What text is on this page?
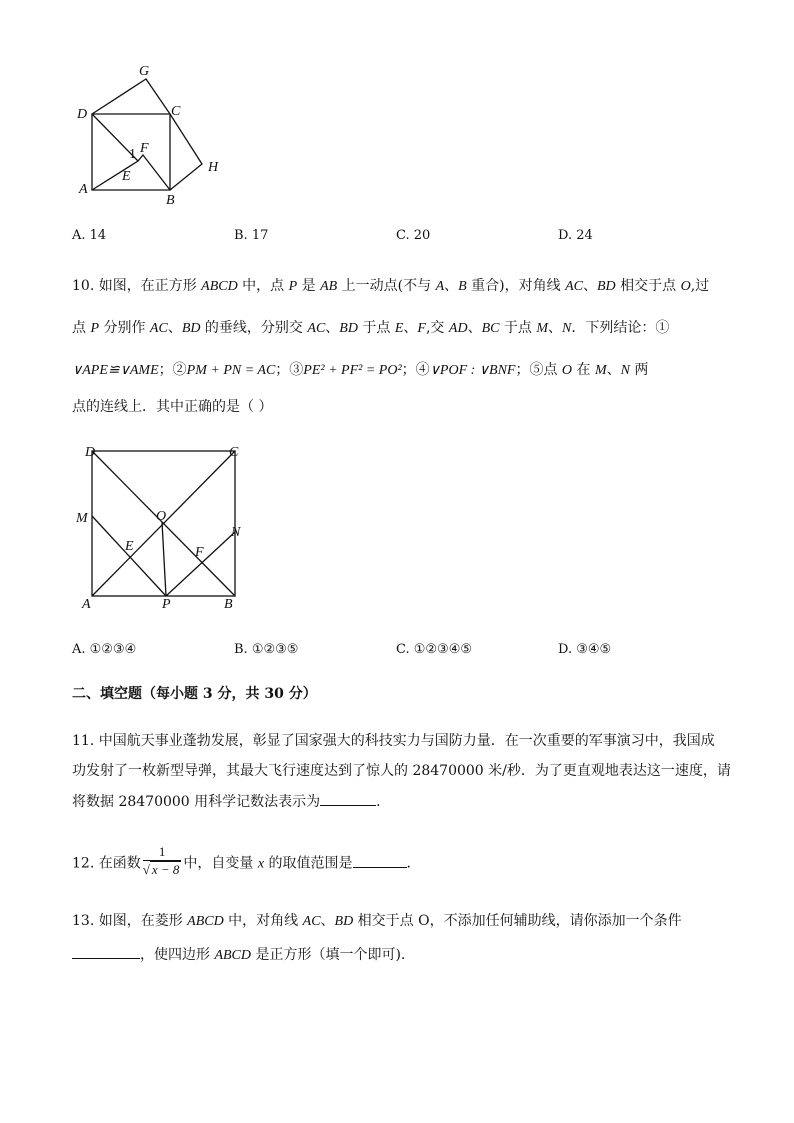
G
D	C
F
1
E
H
A
B
A. 14	B. 17	C. 20	D. 24
10. 如图，在正方形 ABCD 中，点 P 是 AB 上一动点(不与 A、B 重合)，对角线 AC、BD 相交于点 O,过
点 P 分别作 AC、BD 的垂线，分别交 AC、BD 于点 E、F,交 AD、BC 于点 M、N．下列结论：①
∨APE≌∨AME；②PM + PN = AC；③PE² + PF² = PO²；④∨POF : ∨BNF；⑤点 O 在 M、N 两
点的连线上．其中正确的是（ ）
D	C
M	O
N
E	F
A	P	B
A. ①②③④	B. ①②③⑤	C. ①②③④⑤	D. ③④⑤
二、填空题（每小题 3 分，共 30 分）
11. 中国航天事业蓬勃发展，彰显了国家强大的科技实力与国防力量．在一次重要的军事演习中，我国成
功发射了一枚新型导弹，其最大飞行速度达到了惊人的 28470000 米/秒．为了更直观地表达这一速度，请
将数据 28470000 用科学记数法表示为	．
12. 在函数 $\frac{1}{√ x - 8}$ 中，自变量 x 的取值范围是	．
13. 如图，在菱形 ABCD 中，对角线 AC、BD 相交于点 O，不添加任何辅助线，请你添加一个条件
，使四边形 ABCD 是正方形（填一个即可).
